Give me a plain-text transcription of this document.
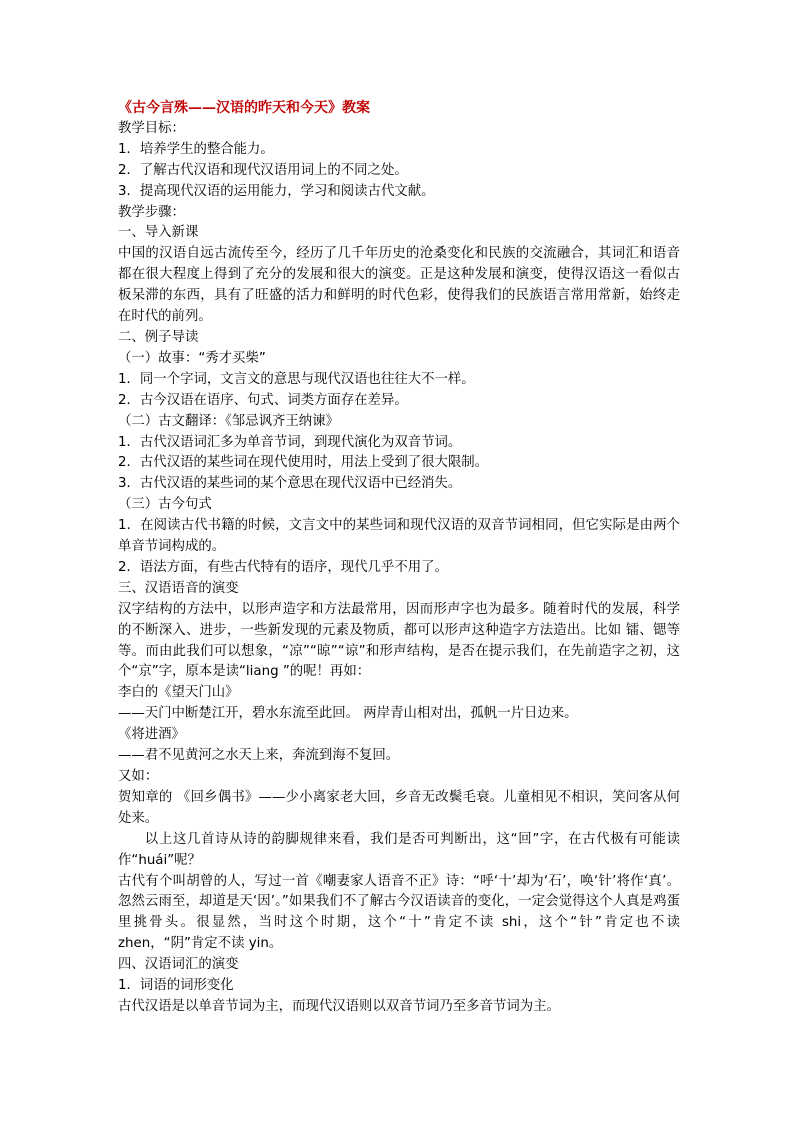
《古今言殊——汉语的昨天和今天》教案
教学目标：
1．培养学生的整合能力。
2．了解古代汉语和现代汉语用词上的不同之处。
3．提高现代汉语的运用能力，学习和阅读古代文献。
教学步骤：
一、导入新课
中国的汉语自远古流传至今，经历了几千年历史的沧桑变化和民族的交流融合，其词汇和语音都在很大程度上得到了充分的发展和很大的演变。正是这种发展和演变，使得汉语这一看似古板呆滞的东西，具有了旺盛的活力和鲜明的时代色彩，使得我们的民族语言常用常新，始终走在时代的前列。
二、例子导读
（一）故事：“秀才买柴”
1．同一个字词，文言文的意思与现代汉语也往往大不一样。
2．古今汉语在语序、句式、词类方面存在差异。
（二）古文翻译：《邹忌讽齐王纳谏》
1．古代汉语词汇多为单音节词，到现代演化为双音节词。
2．古代汉语的某些词在现代使用时，用法上受到了很大限制。
3．古代汉语的某些词的某个意思在现代汉语中已经消失。
（三）古今句式
1．在阅读古代书籍的时候，文言文中的某些词和现代汉语的双音节词相同，但它实际是由两个单音节词构成的。
2．语法方面，有些古代特有的语序，现代几乎不用了。
三、汉语语音的演变
汉字结构的方法中，以形声造字和方法最常用，因而形声字也为最多。随着时代的发展，科学的不断深入、进步，一些新发现的元素及物质，都可以形声这种造字方法造出。比如 镭、锶等等。而由此我们可以想象，“凉”“晾”“谅”和形声结构，是否在提示我们，在先前造字之初，这个“京”字，原本是读“liang ”的呢！再如：
李白的《望天门山》
——天门中断楚江开，碧水东流至此回。 两岸青山相对出，孤帆一片日边来。
《将进酒》
——君不见黄河之水天上来，奔流到海不复回。
又如：
贺知章的 《回乡偶书》——少小离家老大回，乡音无改鬓毛衰。儿童相见不相识，笑问客从何处来。
以上这几首诗从诗的韵脚规律来看，我们是否可判断出，这“回”字，在古代极有可能读作“huái”呢？
古代有个叫胡曾的人，写过一首《嘲妻家人语音不正》诗：“呼‘十’却为‘石’，唤‘针’将作‘真’。忽然云雨至，却道是天‘因’。”如果我们不了解古今汉语读音的变化，一定会觉得这个人真是鸡蛋里挑骨头。很显然，当时这个时期，这个“十”肯定不读 shi，这个“针”肯定也不读 zhen，“阴”肯定不读 yin。
四、汉语词汇的演变
1．词语的词形变化
古代汉语是以单音节词为主，而现代汉语则以双音节词乃至多音节词为主。
